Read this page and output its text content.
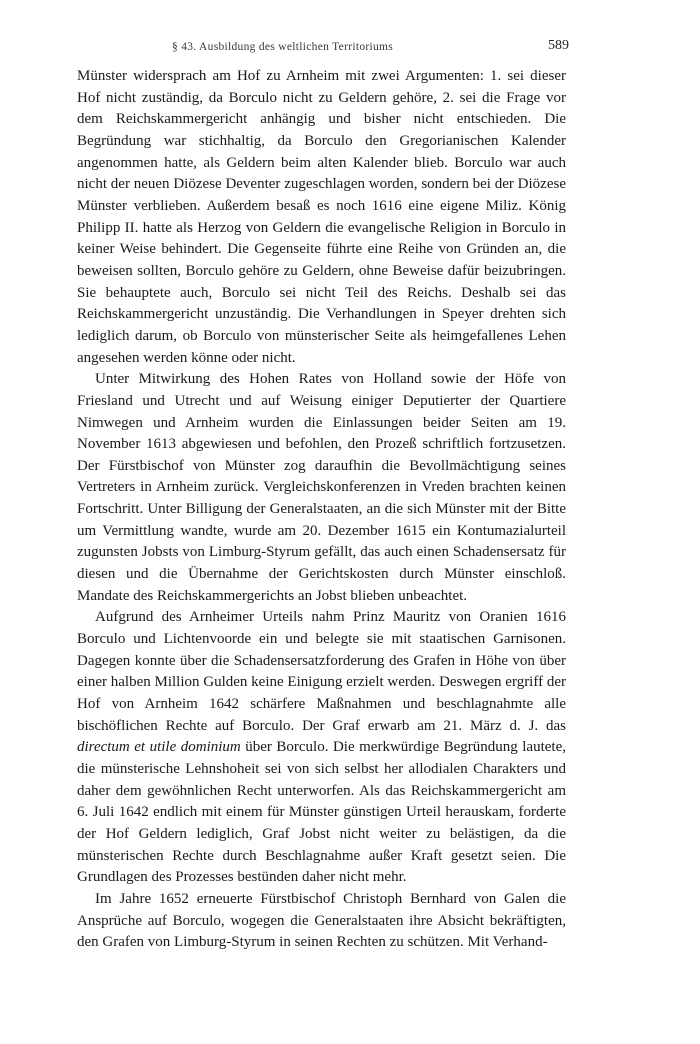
§ 43. Ausbildung des weltlichen Territoriums	589

Münster widersprach am Hof zu Arnheim mit zwei Argumenten: 1. sei dieser Hof nicht zuständig, da Borculo nicht zu Geldern gehöre, 2. sei die Frage vor dem Reichskammergericht anhängig und bisher nicht entschieden. Die Begründung war stichhaltig, da Borculo den Gregorianischen Kalender angenommen hatte, als Geldern beim alten Kalender blieb. Borculo war auch nicht der neuen Diözese Deventer zugeschlagen worden, sondern bei der Diözese Münster verblieben. Außerdem besaß es noch 1616 eine eigene Miliz. König Philipp II. hatte als Herzog von Geldern die evangelische Religion in Borculo in keiner Weise behindert. Die Gegenseite führte eine Reihe von Gründen an, die beweisen sollten, Borculo gehöre zu Geldern, ohne Beweise dafür beizubringen. Sie behauptete auch, Borculo sei nicht Teil des Reichs. Deshalb sei das Reichskammergericht unzuständig. Die Verhandlungen in Speyer drehten sich lediglich darum, ob Borculo von münsterischer Seite als heimgefallenes Lehen angesehen werden könne oder nicht.

Unter Mitwirkung des Hohen Rates von Holland sowie der Höfe von Friesland und Utrecht und auf Weisung einiger Deputierter der Quartiere Nimwegen und Arnheim wurden die Einlassungen beider Seiten am 19. November 1613 abgewiesen und befohlen, den Prozeß schriftlich fortzusetzen. Der Fürstbischof von Münster zog daraufhin die Bevollmächtigung seines Vertreters in Arnheim zurück. Vergleichskonferenzen in Vreden brachten keinen Fortschritt. Unter Billigung der Generalstaaten, an die sich Münster mit der Bitte um Vermittlung wandte, wurde am 20. Dezember 1615 ein Kontumazialurteil zugunsten Jobsts von Limburg-Styrum gefällt, das auch einen Schadensersatz für diesen und die Übernahme der Gerichtskosten durch Münster einschloß. Mandate des Reichskammergerichts an Jobst blieben unbeachtet.

Aufgrund des Arnheimer Urteils nahm Prinz Mauritz von Oranien 1616 Borculo und Lichtenvoorde ein und belegte sie mit staatischen Garnisonen. Dagegen konnte über die Schadensersatzforderung des Grafen in Höhe von über einer halben Million Gulden keine Einigung erzielt werden. Deswegen ergriff der Hof von Arnheim 1642 schärfere Maßnahmen und beschlagnahmte alle bischöflichen Rechte auf Borculo. Der Graf erwarb am 21. März d. J. das directum et utile dominium über Borculo. Die merkwürdige Begründung lautete, die münsterische Lehnshoheit sei von sich selbst her allodialen Charakters und daher dem gewöhnlichen Recht unterworfen. Als das Reichskammergericht am 6. Juli 1642 endlich mit einem für Münster günstigen Urteil herauskam, forderte der Hof Geldern lediglich, Graf Jobst nicht weiter zu belästigen, da die münsterischen Rechte durch Beschlagnahme außer Kraft gesetzt seien. Die Grundlagen des Prozesses bestünden daher nicht mehr.

Im Jahre 1652 erneuerte Fürstbischof Christoph Bernhard von Galen die Ansprüche auf Borculo, wogegen die Generalstaaten ihre Absicht bekräftigten, den Grafen von Limburg-Styrum in seinen Rechten zu schützen. Mit Verhand-
